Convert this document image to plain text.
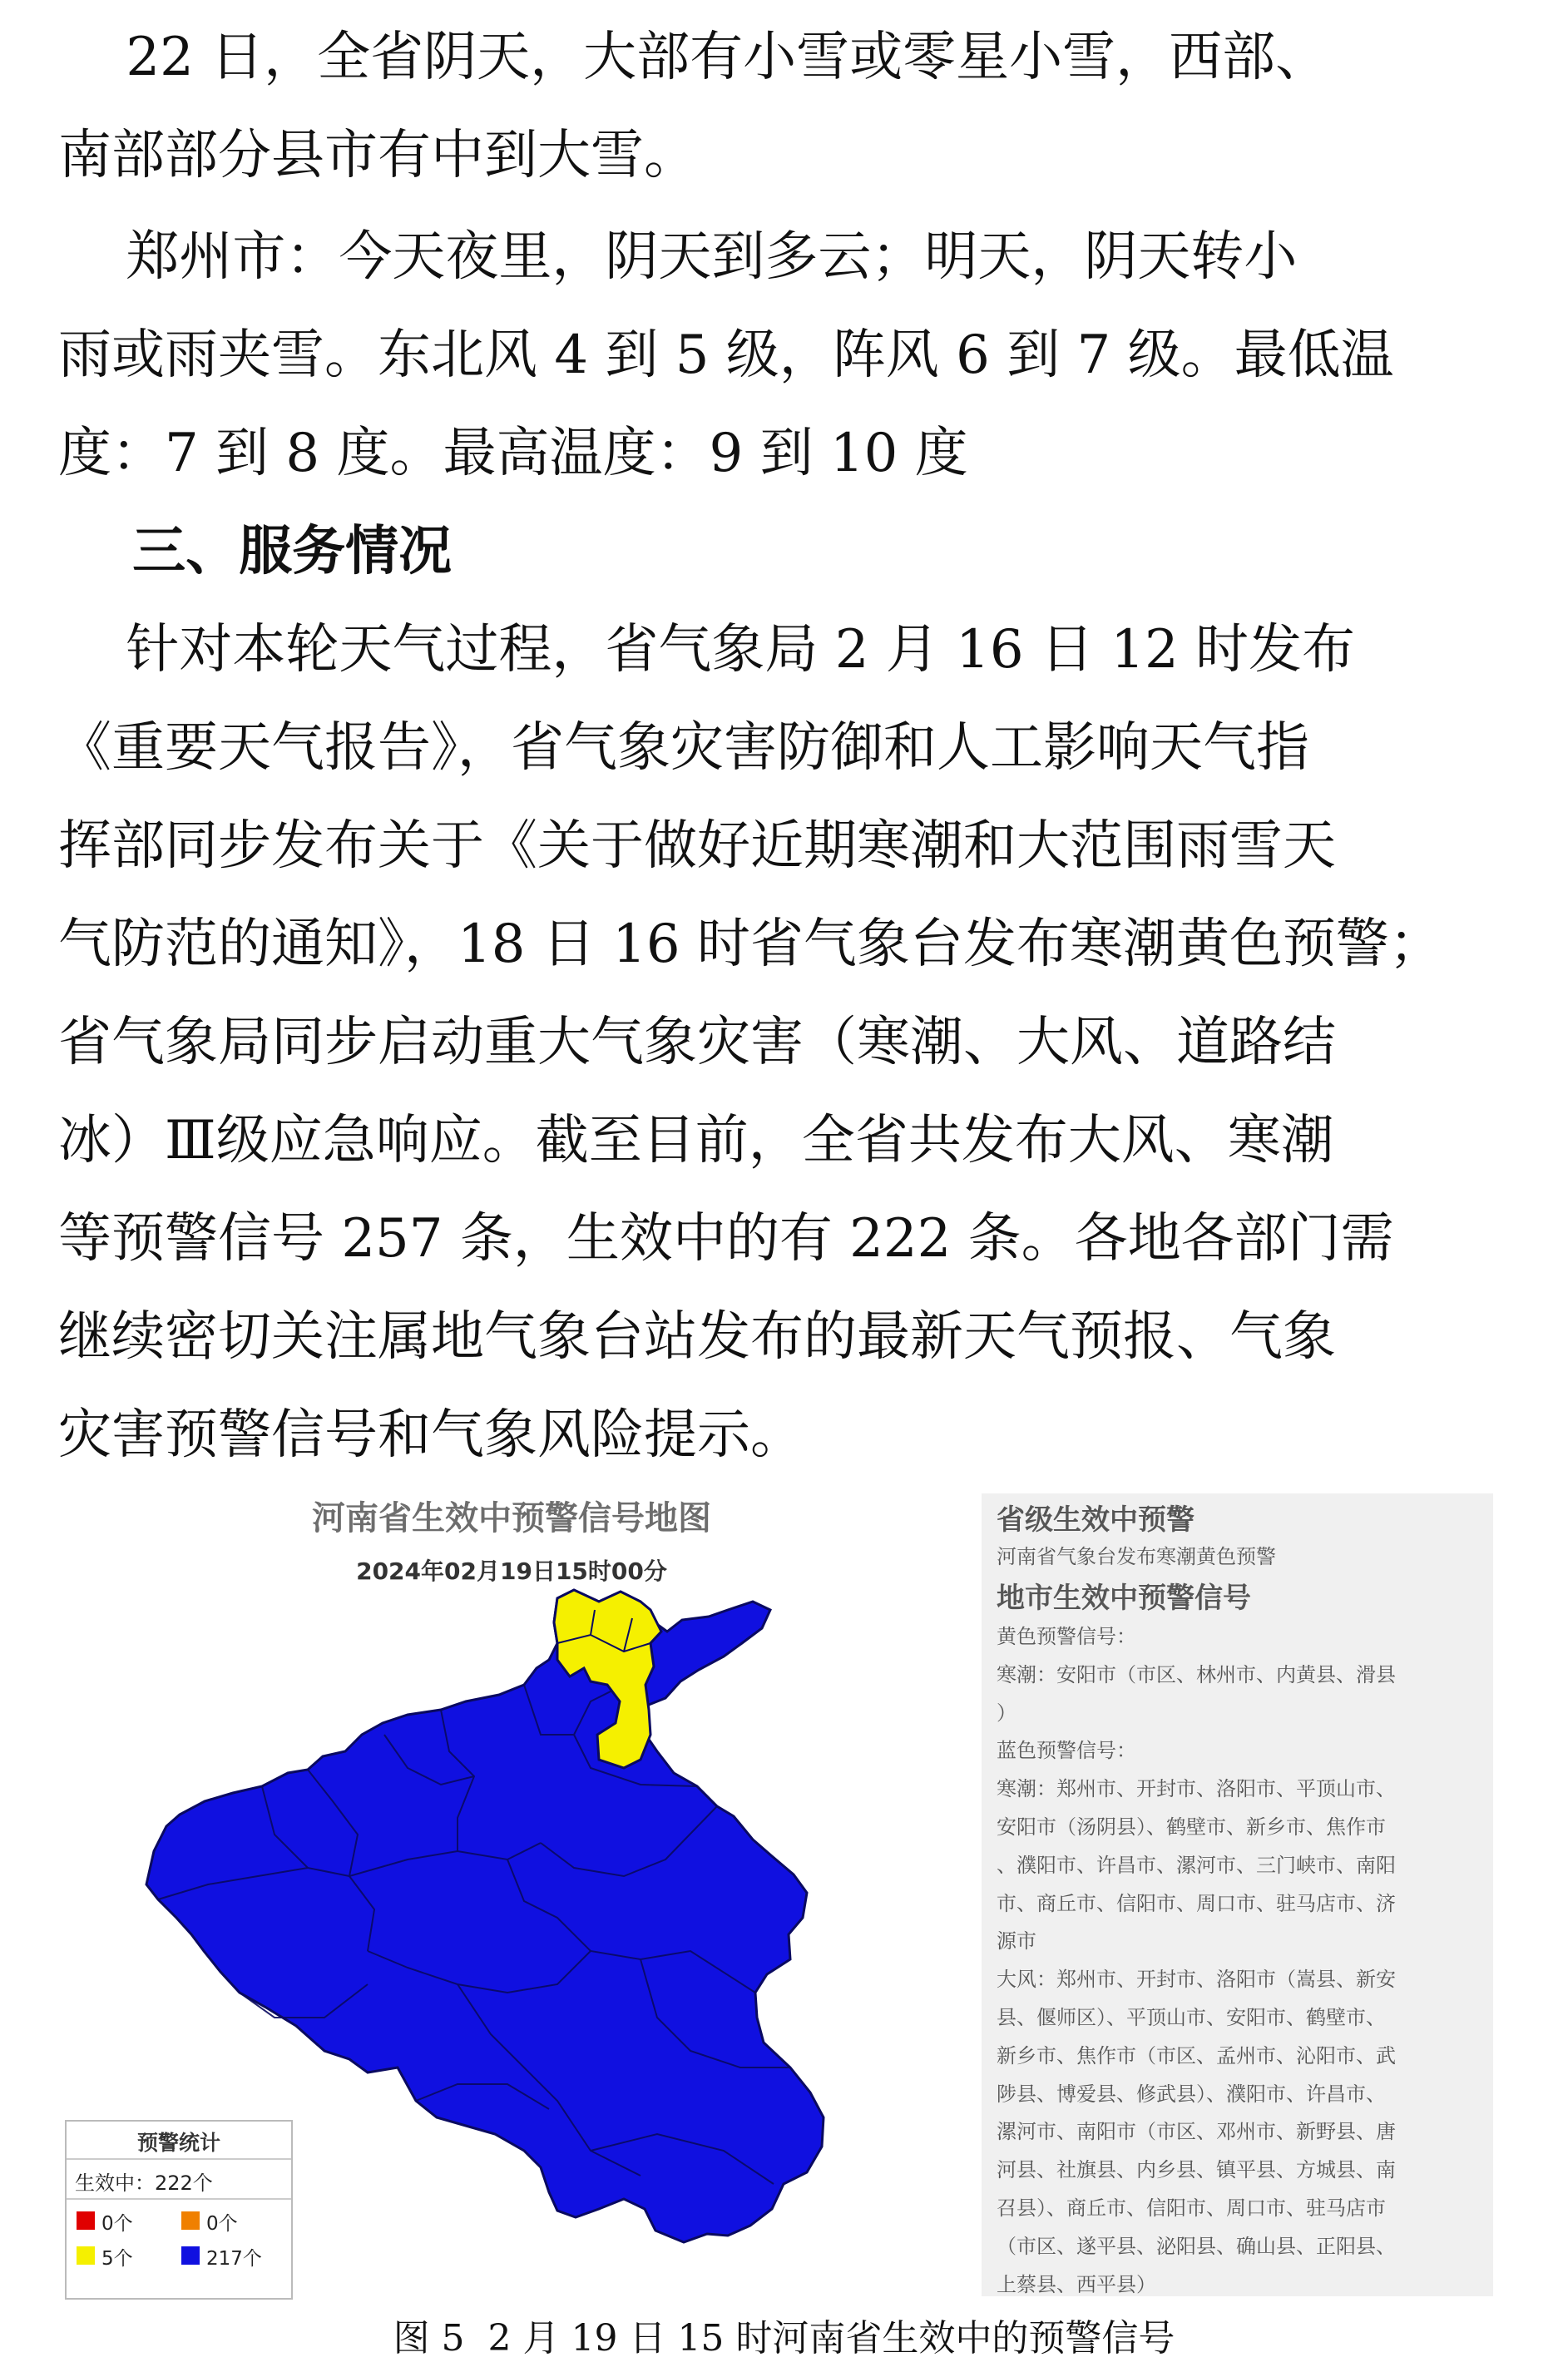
22 日，全省阴天，大部有小雪或零星小雪，西部、
南部部分县市有中到大雪。
郑州市：今天夜里，阴天到多云；明天，阴天转小
雨或雨夹雪。东北风 4 到 5 级，阵风 6 到 7 级。最低温
度：7 到 8 度。最高温度：9 到 10 度
三、服务情况
针对本轮天气过程，省气象局 2 月 16 日 12 时发布
《重要天气报告》，省气象灾害防御和人工影响天气指
挥部同步发布关于《关于做好近期寒潮和大范围雨雪天
气防范的通知》，18 日 16 时省气象台发布寒潮黄色预警；
省气象局同步启动重大气象灾害（寒潮、大风、道路结
冰）Ⅲ级应急响应。截至目前，全省共发布大风、寒潮
等预警信号 257 条，生效中的有 222 条。各地各部门需
继续密切关注属地气象台站发布的最新天气预报、气象
灾害预警信号和气象风险提示。
河南省生效中预警信号地图
2024年02月19日15时00分
预警统计
生效中：222个
0个	0个
5个	217个
省级生效中预警
河南省气象台发布寒潮黄色预警
地市生效中预警信号
黄色预警信号：
寒潮：安阳市（市区、林州市、内黄县、滑县
）
蓝色预警信号：
寒潮：郑州市、开封市、洛阳市、平顶山市、
安阳市（汤阴县）、鹤壁市、新乡市、焦作市
、濮阳市、许昌市、漯河市、三门峡市、南阳
市、商丘市、信阳市、周口市、驻马店市、济
源市
大风：郑州市、开封市、洛阳市（嵩县、新安
县、偃师区）、平顶山市、安阳市、鹤壁市、
新乡市、焦作市（市区、孟州市、沁阳市、武
陟县、博爱县、修武县）、濮阳市、许昌市、
漯河市、南阳市（市区、邓州市、新野县、唐
河县、社旗县、内乡县、镇平县、方城县、南
召县）、商丘市、信阳市、周口市、驻马店市
（市区、遂平县、泌阳县、确山县、正阳县、
上蔡县、西平县）
图 5  2 月 19 日 15 时河南省生效中的预警信号
